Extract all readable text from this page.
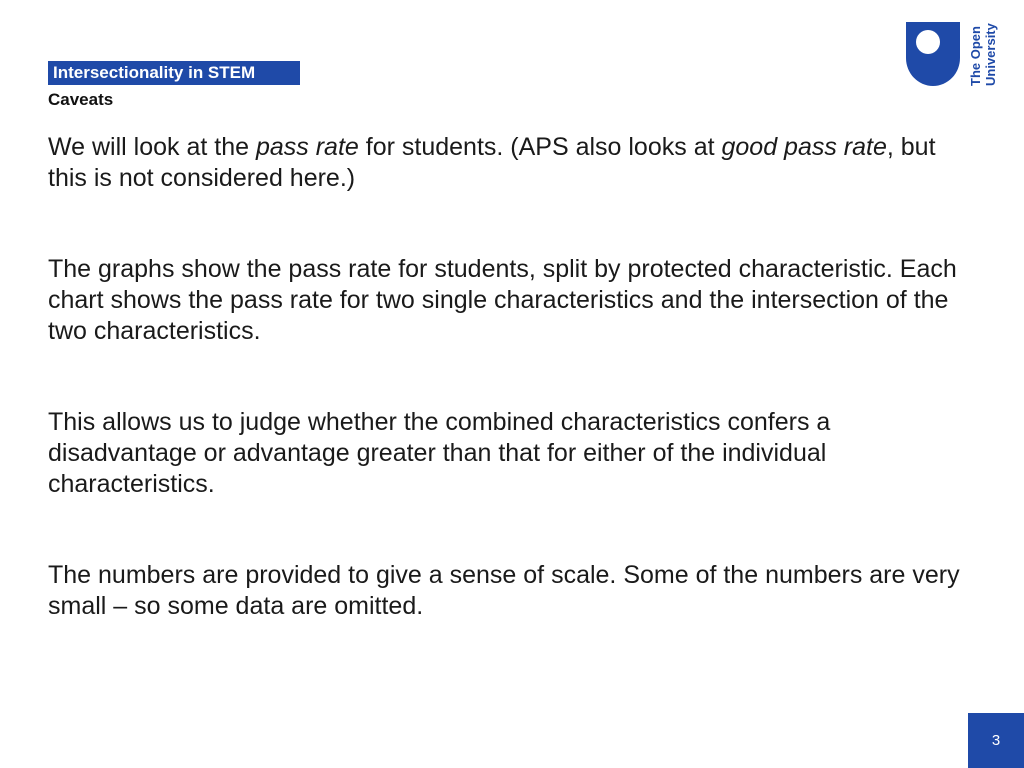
Intersectionality in STEM
Caveats
The Open University

We will look at the pass rate for students. (APS also looks at good pass rate, but this is not considered here.)

The graphs show the pass rate for students, split by protected characteristic. Each chart shows the pass rate for two single characteristics and the intersection of the two characteristics.

This allows us to judge whether the combined characteristics confers a disadvantage or advantage greater than that for either of the individual characteristics.

The numbers are provided to give a sense of scale. Some of the numbers are very small – so some data are omitted.

3
